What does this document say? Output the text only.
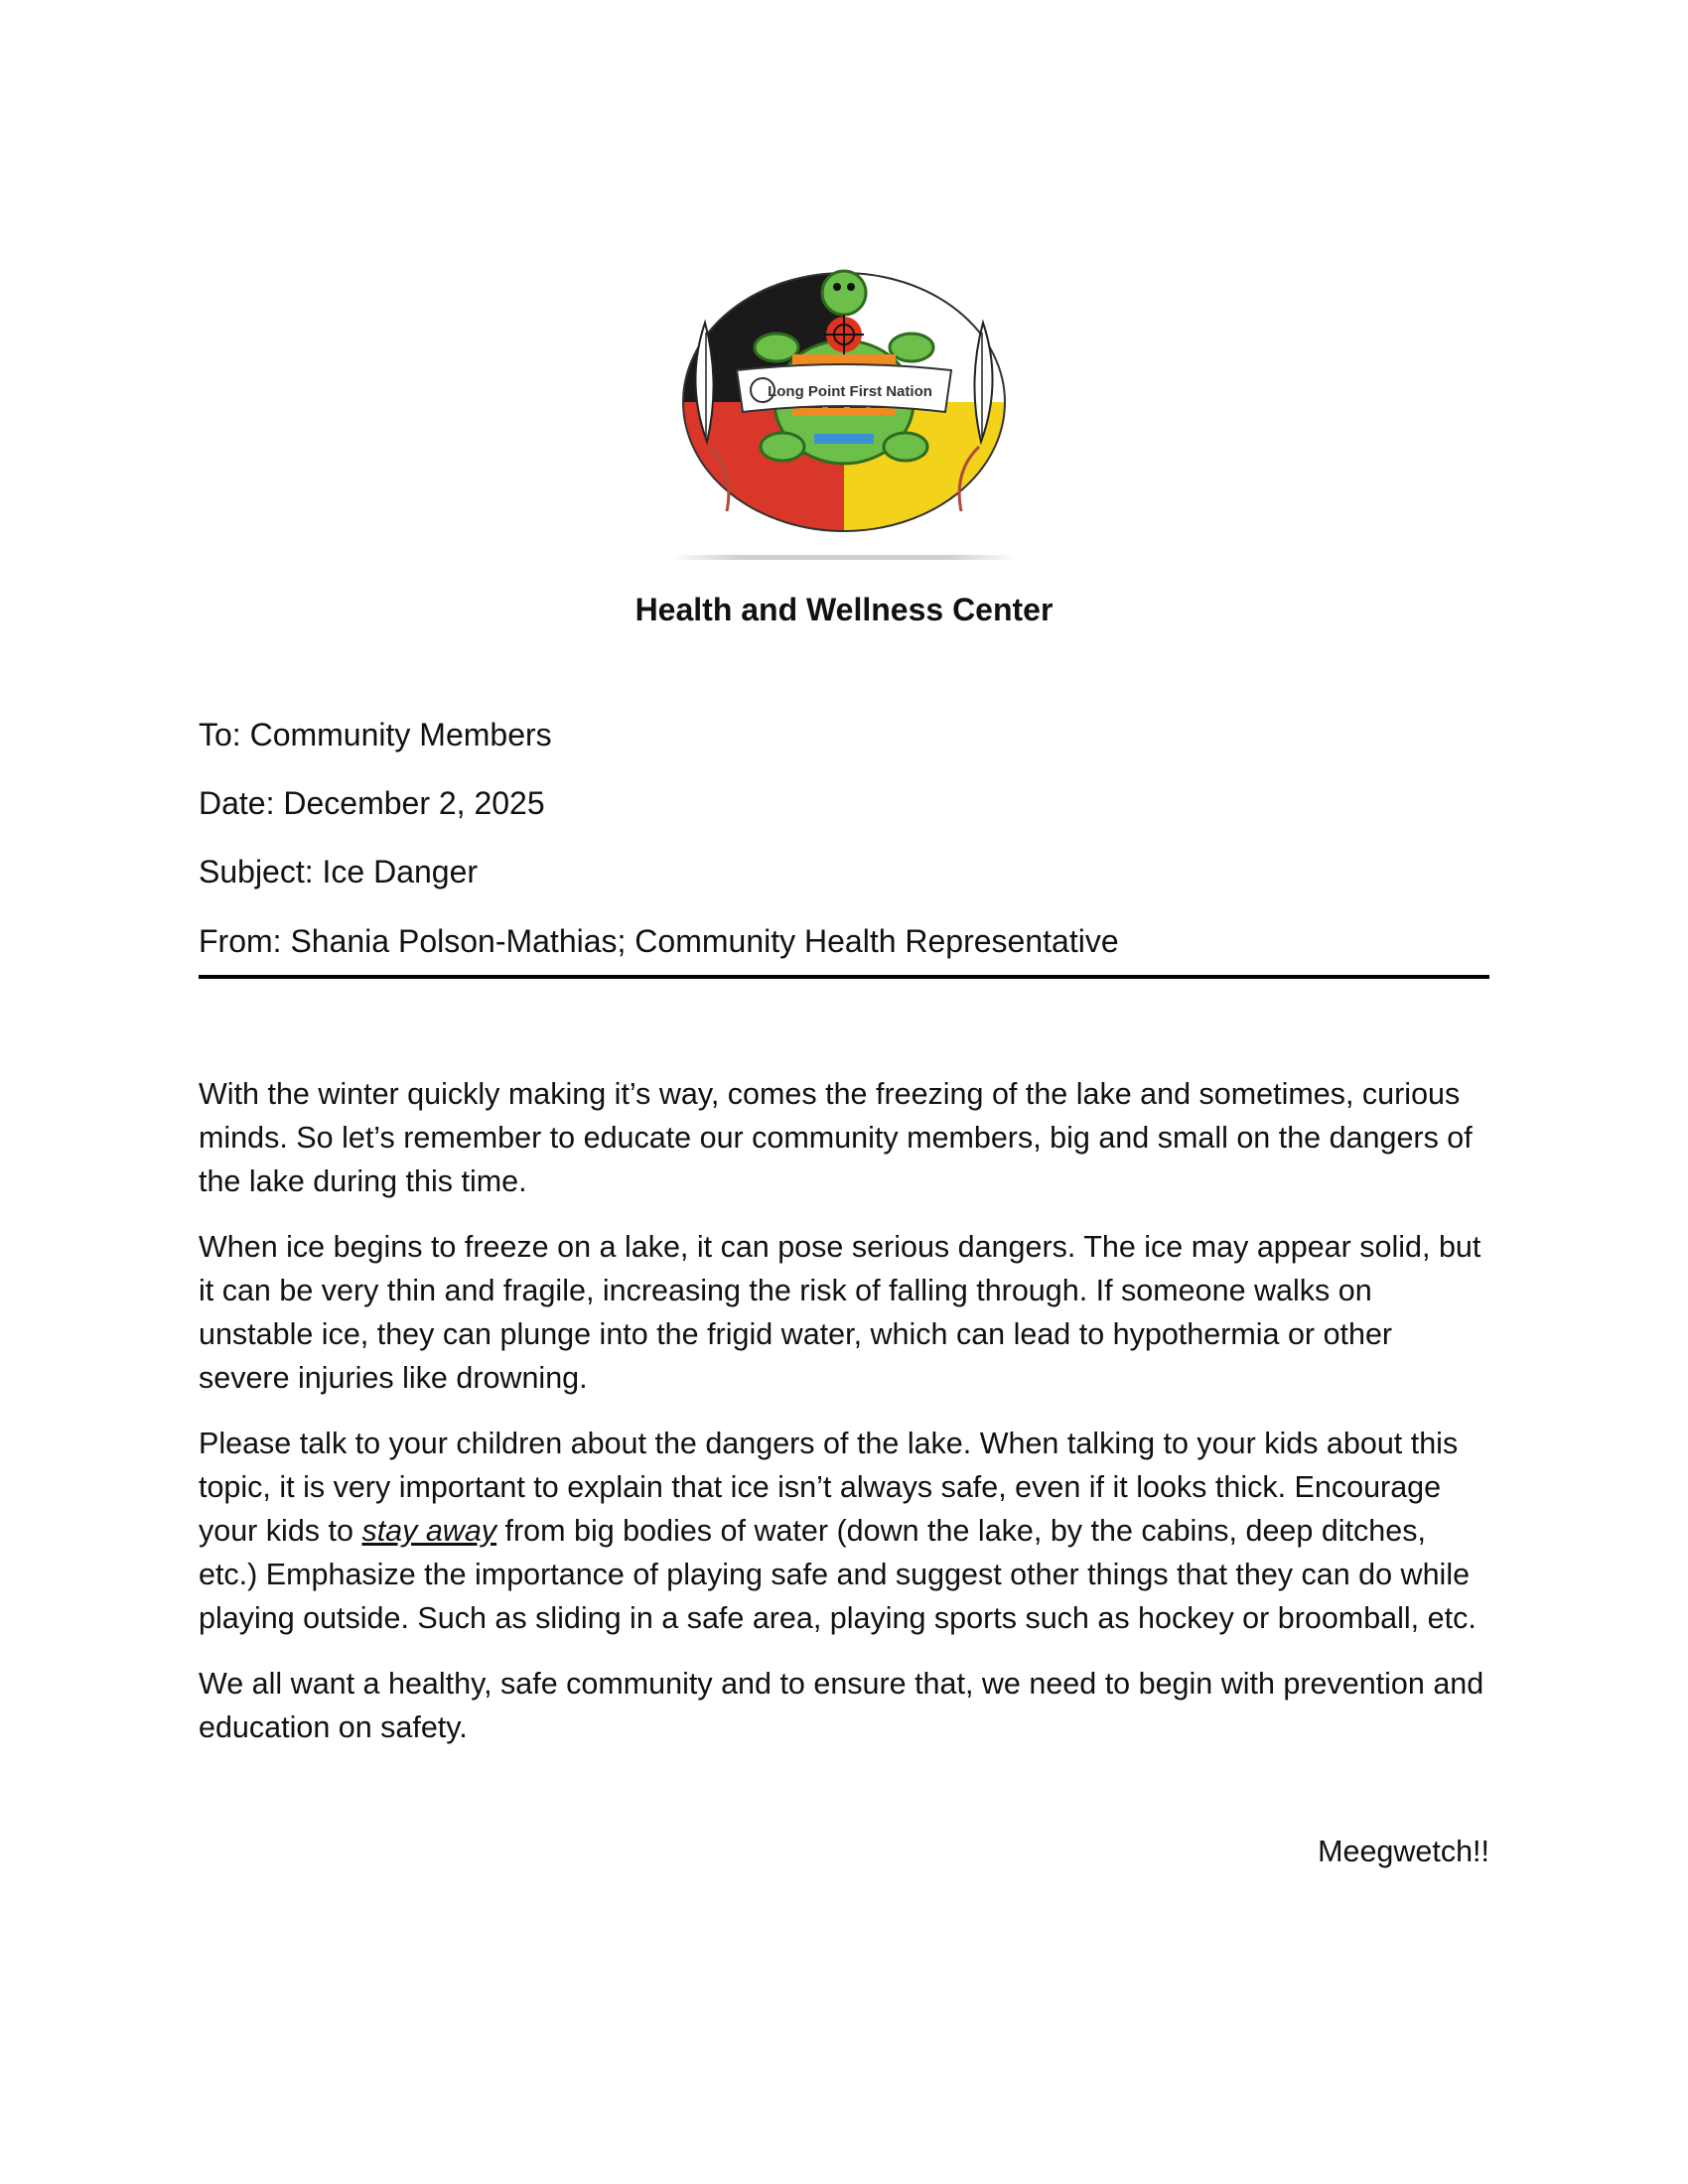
Long Point First Nation
Health and Wellness Center
To: Community Members
Date: December 2, 2025
Subject: Ice Danger
From: Shania Polson-Mathias; Community Health Representative

With the winter quickly making it’s way, comes the freezing of the lake and sometimes, curious minds. So let’s remember to educate our community members, big and small on the dangers of the lake during this time.

When ice begins to freeze on a lake, it can pose serious dangers. The ice may appear solid, but it can be very thin and fragile, increasing the risk of falling through. If someone walks on unstable ice, they can plunge into the frigid water, which can lead to hypothermia or other severe injuries like drowning.

Please talk to your children about the dangers of the lake. When talking to your kids about this topic, it is very important to explain that ice isn’t always safe, even if it looks thick. Encourage your kids to stay away from big bodies of water (down the lake, by the cabins, deep ditches, etc.) Emphasize the importance of playing safe and suggest other things that they can do while playing outside. Such as sliding in a safe area, playing sports such as hockey or broomball, etc.

We all want a healthy, safe community and to ensure that, we need to begin with prevention and education on safety.

Meegwetch!!
